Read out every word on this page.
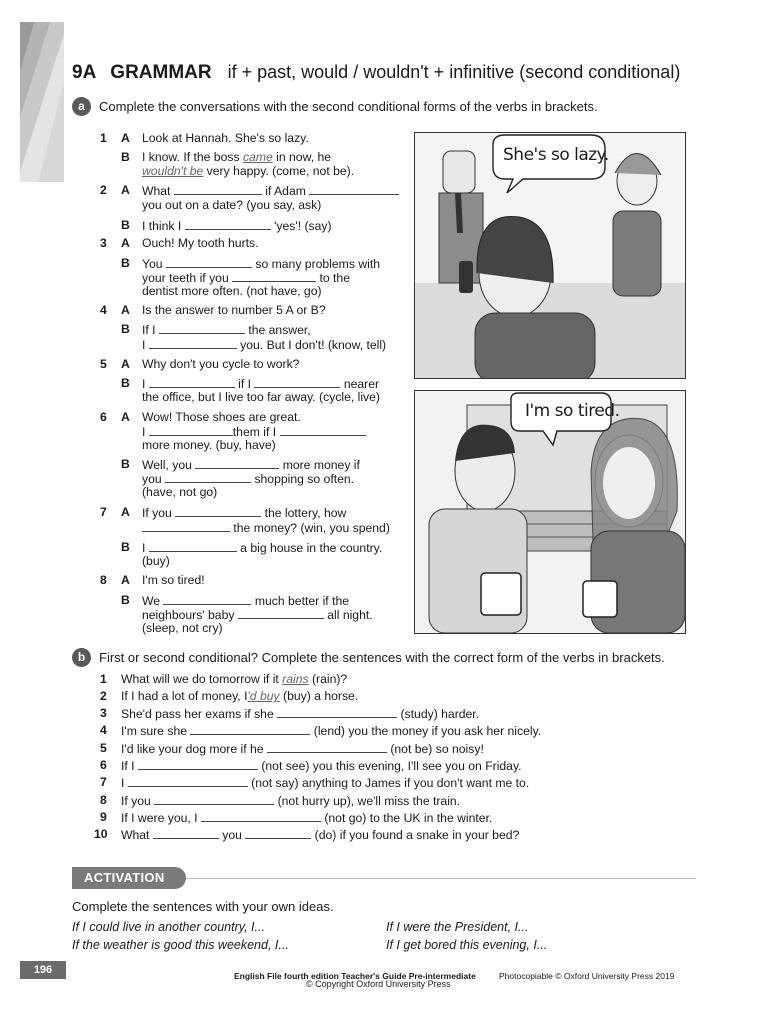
9A GRAMMAR if + past, would / wouldn't + infinitive (second conditional)
a Complete the conversations with the second conditional forms of the verbs in brackets.
1 A Look at Hannah. She's so lazy.
B I know. If the boss came in now, he
wouldn't be very happy. (come, not be).
2 A What	if Adam
you out on a date? (you say, ask)
B I think I	'yes'! (say)
3 A Ouch! My tooth hurts.
B You	so many problems with
your teeth if you	to the
dentist more often. (not have, go)
4 A Is the answer to number 5 A or B?
B If I	the answer,
I	you. But I don't! (know, tell)
5 A Why don't you cycle to work?
B I	if I	nearer
the office, but I live too far away. (cycle, live)
6 A Wow! Those shoes are great.
I	them if I
more money. (buy, have)
B Well, you	more money if
you	shopping so often.
(have, not go)
7 A If you	the lottery, how
the money? (win, you spend)
B I	a big house in the country.
(buy)
8 A I'm so tired!
B We	much better if the
neighbours' baby	all night.
(sleep, not cry)
She's so lazy.
I'm so tired.
b First or second conditional? Complete the sentences with the correct form of the verbs in brackets.
1 What will we do tomorrow if it rains (rain)?
2 If I had a lot of money, I'd buy (buy) a horse.
3 She'd pass her exams if she	(study) harder.
4 I'm sure she	(lend) you the money if you ask her nicely.
5 I'd like your dog more if he	(not be) so noisy!
6 If I	(not see) you this evening, I'll see you on Friday.
7 I	(not say) anything to James if you don't want me to.
8 If you	(not hurry up), we'll miss the train.
9 If I were you, I	(not go) to the UK in the winter.
10 What	you	(do) if you found a snake in your bed?
ACTIVATION
Complete the sentences with your own ideas.
If I could live in another country, I...	If I were the President, I...
If the weather is good this weekend, I...	If I get bored this evening, I...
196	English File fourth edition Teacher's Guide Pre-intermediate	Photocopiable © Oxford University Press 2019
© Copyright Oxford University Press
